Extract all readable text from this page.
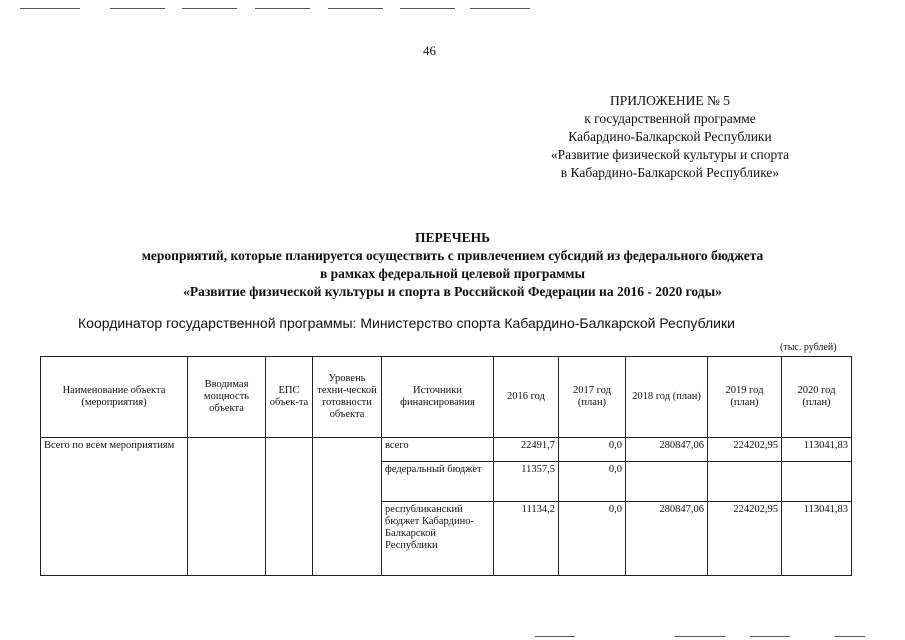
46
ПРИЛОЖЕНИЕ № 5
к государственной программе
Кабардино-Балкарской Республики
«Развитие физической культуры и спорта
в Кабардино-Балкарской Республике»
ПЕРЕЧЕНЬ
мероприятий, которые планируется осуществить с привлечением субсидий из федерального бюджета
в рамках федеральной целевой программы
«Развитие физической культуры и спорта в Российской Федерации на 2016 - 2020 годы»
Координатор государственной программы: Министерство спорта Кабардино-Балкарской Республики
(тыс. рублей)
Наименование объекта (мероприятия)	Вводимая мощность объекта	ЕПС объек-та	Уровень техни-ческой готовности объекта	Источники финансирования	2016 год	2017 год (план)	2018 год (план)	2019 год (план)	2020 год (план)
Всего по всем мероприятиям				всего	22491,7	0,0	280847,06	224202,95	113041,83
				федеральный бюджет	11357,5	0,0			
				республиканский бюджет Кабардино-Балкарской Республики	11134,2	0,0	280847,06	224202,95	113041,83
